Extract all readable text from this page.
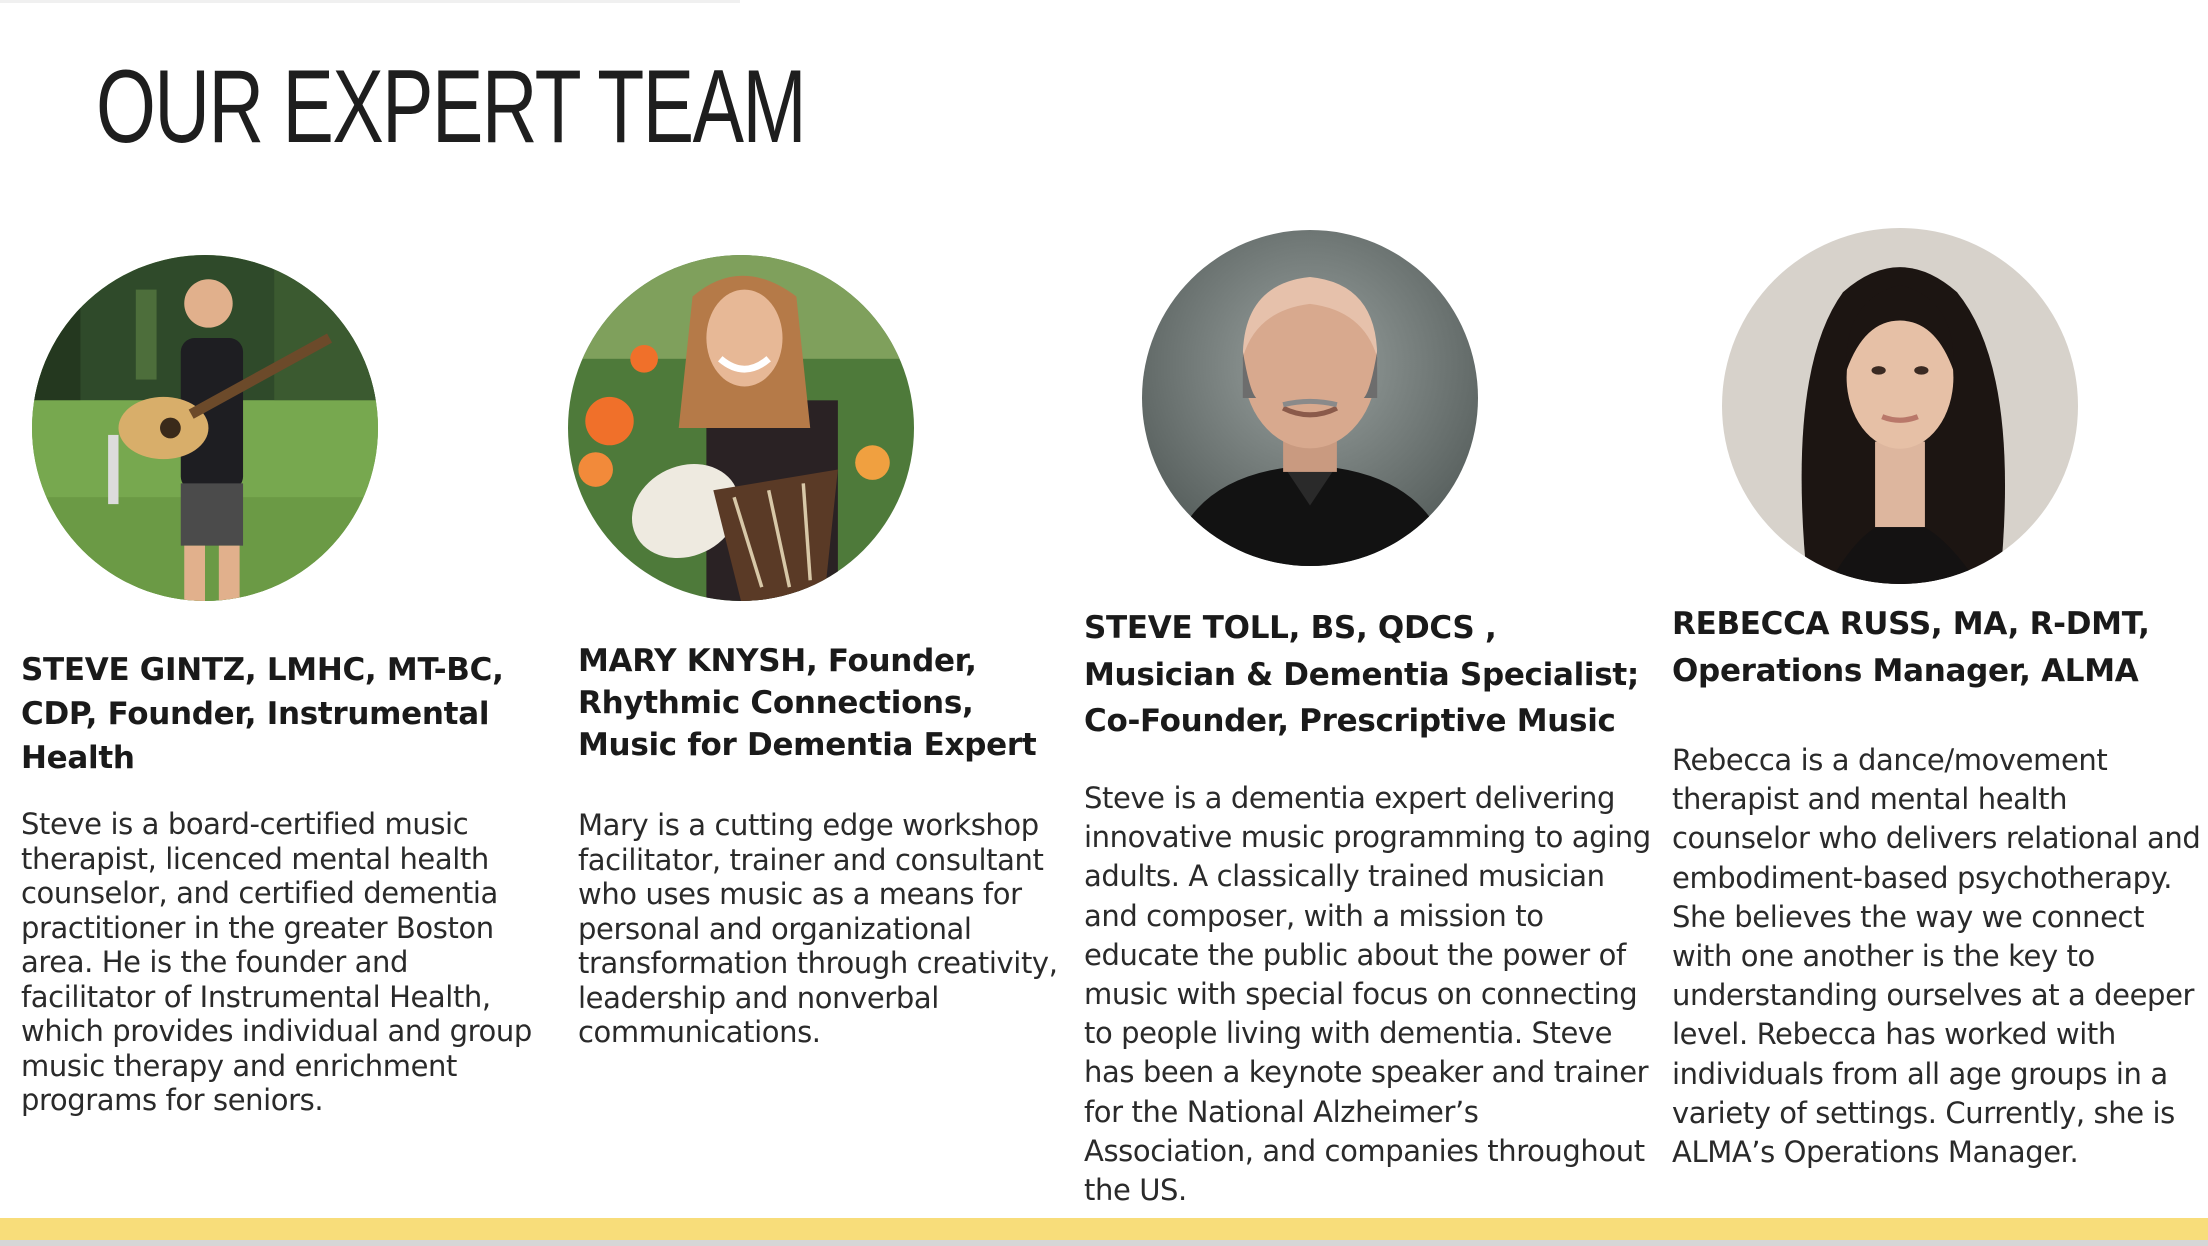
OUR EXPERT TEAM

STEVE GINTZ, LMHC, MT-BC, CDP, Founder, Instrumental Health

Steve is a board-certified music therapist, licenced mental health counselor, and certified dementia practitioner in the greater Boston area. He is the founder and facilitator of Instrumental Health, which provides individual and group music therapy and enrichment programs for seniors.

MARY KNYSH, Founder, Rhythmic Connections, Music for Dementia Expert

Mary is a cutting edge workshop facilitator, trainer and consultant who uses music as a means for personal and organizational transformation through creativity, leadership and nonverbal communications.

STEVE TOLL, BS, QDCS , Musician & Dementia Specialist; Co-Founder, Prescriptive Music

Steve is a dementia expert delivering innovative music programming to aging adults. A classically trained musician and composer, with a mission to educate the public about the power of music with special focus on connecting to people living with dementia. Steve has been a keynote speaker and trainer for the National Alzheimer’s Association, and companies throughout the US.

REBECCA RUSS, MA, R-DMT, Operations Manager, ALMA

Rebecca is a dance/movement therapist and mental health counselor who delivers relational and embodiment-based psychotherapy. She believes the way we connect with one another is the key to understanding ourselves at a deeper level. Rebecca has worked with individuals from all age groups in a variety of settings. Currently, she is ALMA’s Operations Manager.
